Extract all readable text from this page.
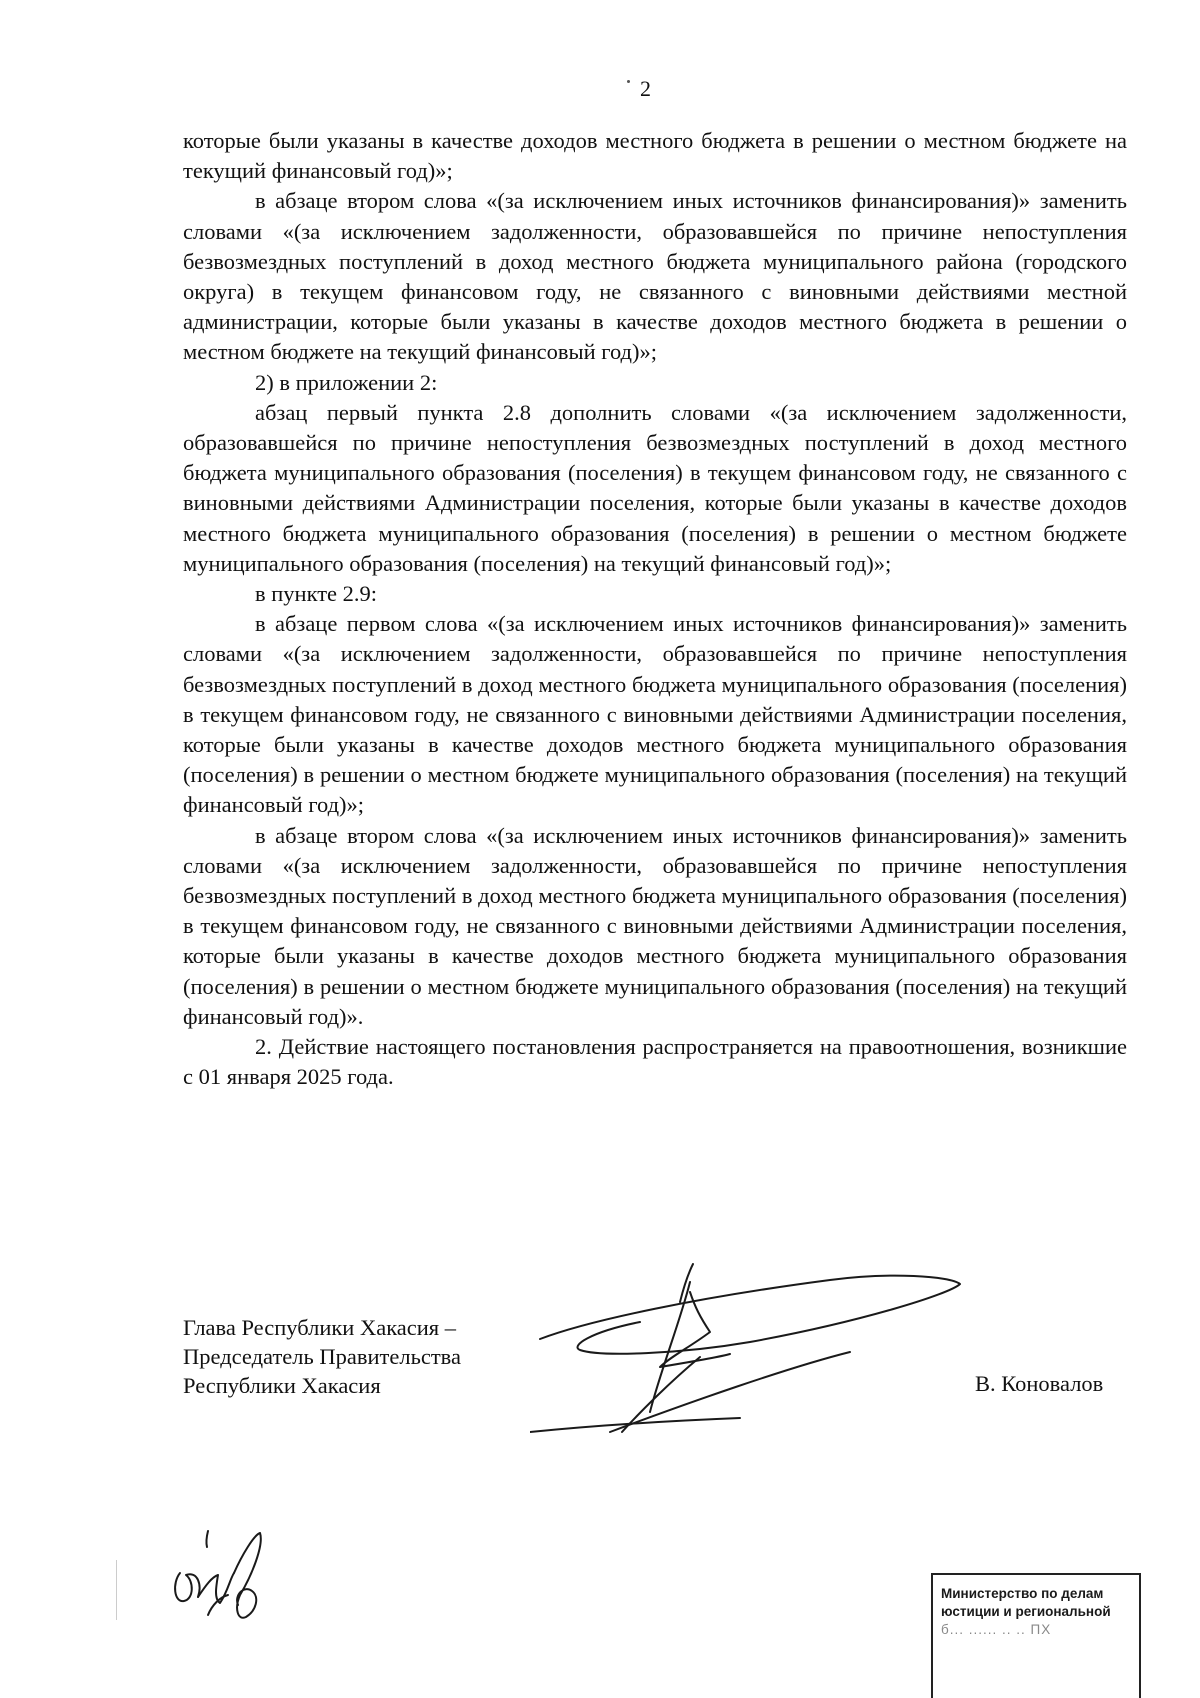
2

которые были указаны в качестве доходов местного бюджета в решении о местном бюджете на текущий финансовый год)»;

в абзаце втором слова «(за исключением иных источников финансирования)» заменить словами «(за исключением задолженности, образовавшейся по причине непоступления безвозмездных поступлений в доход местного бюджета муниципального района (городского округа) в текущем финансовом году, не связанного с виновными действиями местной администрации, которые были указаны в качестве доходов местного бюджета в решении о местном бюджете на текущий финансовый год)»;

2) в приложении 2:

абзац первый пункта 2.8 дополнить словами «(за исключением задолженности, образовавшейся по причине непоступления безвозмездных поступлений в доход местного бюджета муниципального образования (поселения) в текущем финансовом году, не связанного с виновными действиями Администрации поселения, которые были указаны в качестве доходов местного бюджета муниципального образования (поселения) в решении о местном бюджете муниципального образования (поселения) на текущий финансовый год)»;

в пункте 2.9:

в абзаце первом слова «(за исключением иных источников финансирования)» заменить словами «(за исключением задолженности, образовавшейся по причине непоступления безвозмездных поступлений в доход местного бюджета муниципального образования (поселения) в текущем финансовом году, не связанного с виновными действиями Администрации поселения, которые были указаны в качестве доходов местного бюджета муниципального образования (поселения) в решении о местном бюджете муниципального образования (поселения) на текущий финансовый год)»;

в абзаце втором слова «(за исключением иных источников финансирования)» заменить словами «(за исключением задолженности, образовавшейся по причине непоступления безвозмездных поступлений в доход местного бюджета муниципального образования (поселения) в текущем финансовом году, не связанного с виновными действиями Администрации поселения, которые были указаны в качестве доходов местного бюджета муниципального образования (поселения) в решении о местном бюджете муниципального образования (поселения) на текущий финансовый год)».

2. Действие настоящего постановления распространяется на правоотношения, возникшие с 01 января 2025 года.

Глава Республики Хакасия –
Председатель Правительства
Республики Хакасия	В. Коновалов
Министерство по делам
юстиции и региональной
б... ...... .. .. ПХ
